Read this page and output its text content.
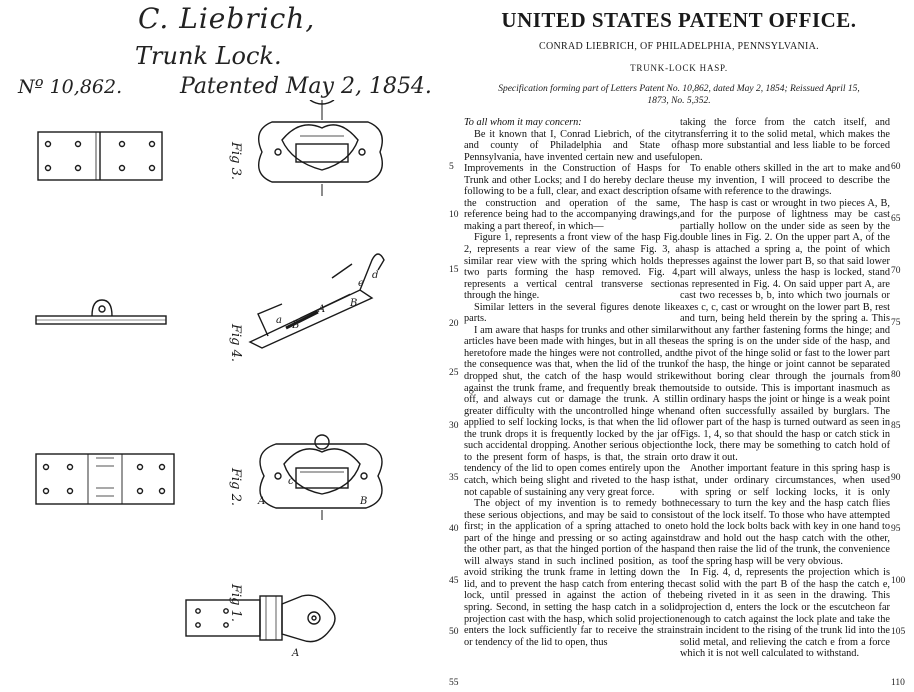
C. Liebrich,
Trunk Lock.
Nº 10,862.	Patented May 2, 1854.
Fig 3.
Fig 4.
a B
A
B
e
d
Fig 2.	c
A	B
Fig 1.
A
UNITED STATES PATENT OFFICE.
CONRAD LIEBRICH, OF PHILADELPHIA, PENNSYLVANIA.
TRUNK-LOCK HASP.
Specification forming part of Letters Patent No. 10,862, dated May 2, 1854; Reissued April 15,
1873, No. 5,352.

To all whom it may concern:

Be it known that I, Conrad Liebrich, of the city and county of Philadelphia and State of Pennsylvania, have invented certain new and useful Improvements in the Construction of Hasps for Trunk and other Locks; and I do hereby declare the following to be a full, clear, and exact description of the construction and operation of the same, reference being had to the accompanying drawings, making a part thereof, in which—

Figure 1, represents a front view of the hasp Fig. 2, represents a rear view of the same Fig. 3, a similar rear view with the spring which holds the two parts forming the hasp removed. Fig. 4, represents a vertical central transverse section through the hinge.

Similar letters in the several figures denote like parts.

I am aware that hasps for trunks and other similar articles have been made with hinges, but in all these heretofore made the hinges were not controlled, and the consequence was that, when the lid of the trunk dropped shut, the catch of the hasp would strike against the trunk frame, and frequently break them off, and always cut or damage the trunk. A still greater difficulty with the uncontrolled hinge when applied to self locking locks, is that when the lid of the trunk drops it is frequently locked by the jar of such accidental dropping. Another serious objection to the present form of hasps, is that, the strain or tendency of the lid to open comes entirely upon the catch, which being slight and riveted to the hasp is not capable of sustaining any very great force.

The object of my invention is to remedy both these serious objections, and may be said to consist first; in the application of a spring attached to one part of the hinge and pressing or so acting against the other part, as that the hinged portion of the hasp will always stand in such inclined position, as to avoid striking the trunk frame in letting down the lid, and to prevent the hasp catch from entering the lock, until pressed in against the action of the spring. Second, in setting the hasp catch in a solid projection cast with the hasp, which solid projection enters the lock sufficiently far to receive the strain or tendency of the lid to open, thus

taking the force from the catch itself, and transferring it to the solid metal, which makes the hasp more substantial and less liable to be forced open.

To enable others skilled in the art to make and use my invention, I will proceed to describe the same with reference to the drawings.

The hasp is cast or wrought in two pieces A, B, and for the purpose of lightness may be cast partially hollow on the under side as seen by the double lines in Fig. 2. On the upper part A, of the hasp is attached a spring a, the point of which presses against the lower part B, so that said lower part will always, unless the hasp is locked, stand as represented in Fig. 4. On said upper part A, are cast two recesses b, b, into which two journals or axes c, c, cast or wrought on the lower part B, rest and turn, being held therein by the spring a. This without any farther fastening forms the hinge; and as the spring is on the under side of the hasp, and the pivot of the hinge solid or fast to the lower part of the hasp, the hinge or joint cannot be separated without boring clear through the journals from outside to outside. This is important inasmuch as in ordinary hasps the joint or hinge is a weak point and often successfully assailed by burglars. The lower part of the hasp is turned outward as seen in Figs. 1, 4, so that should the hasp or catch stick in the lock, there may be something to catch hold of to draw it out.

Another important feature in this spring hasp is that, under ordinary circumstances, when used with spring or self locking locks, it is only necessary to turn the key and the hasp catch flies out of the lock itself. To those who have attempted to hold the lock bolts back with key in one hand to draw and hold out the hasp catch with the other, and then raise the lid of the trunk, the convenience of the spring hasp will be very obvious.

In Fig. 4, d, represents the projection which is cast solid with the part B of the hasp the catch e, being riveted in it as seen in the drawing. This projection d, enters the lock or the escutcheon far enough to catch against the lock plate and take the strain incident to the rising of the trunk lid into the solid metal, and relieving the catch e from a force which it is not well calculated to withstand.

5
10
15
20
25
30
35
40
45
50
55
60
65
70
75
80
85
90
95
100
105
110
